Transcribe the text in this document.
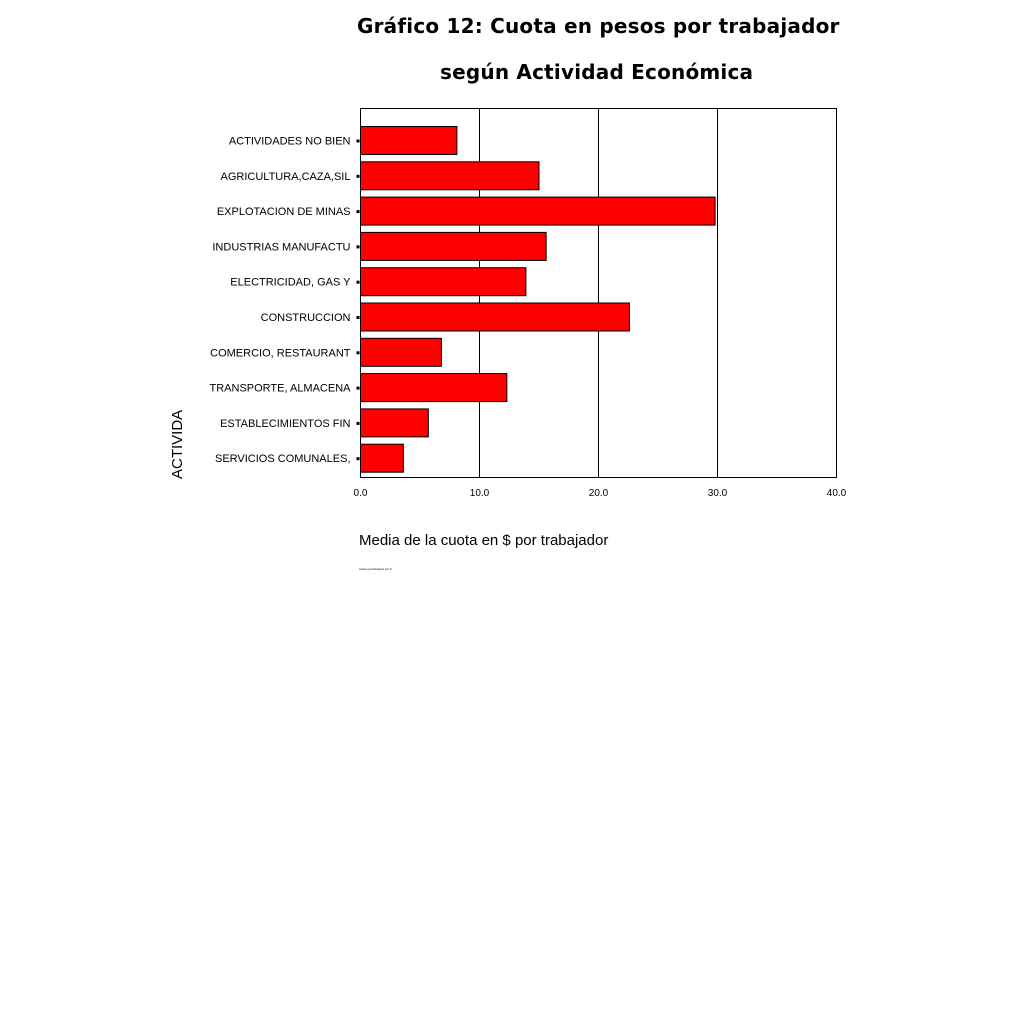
Gráfico 12: Cuota en pesos por trabajador
según Actividad Económica
ACTIVIDADES NO BIEN
AGRICULTURA,CAZA,SIL
EXPLOTACION DE MINAS
INDUSTRIAS MANUFACTU
ELECTRICIDAD, GAS Y
CONSTRUCCION
COMERCIO, RESTAURANT
TRANSPORTE, ALMACENA
ESTABLECIMIENTOS FIN
SERVICIOS COMUNALES,
0.0	10.0	20.0	30.0	40.0
Media de la cuota en $ por trabajador
ACTIVIDA
Casos ponderados por F
